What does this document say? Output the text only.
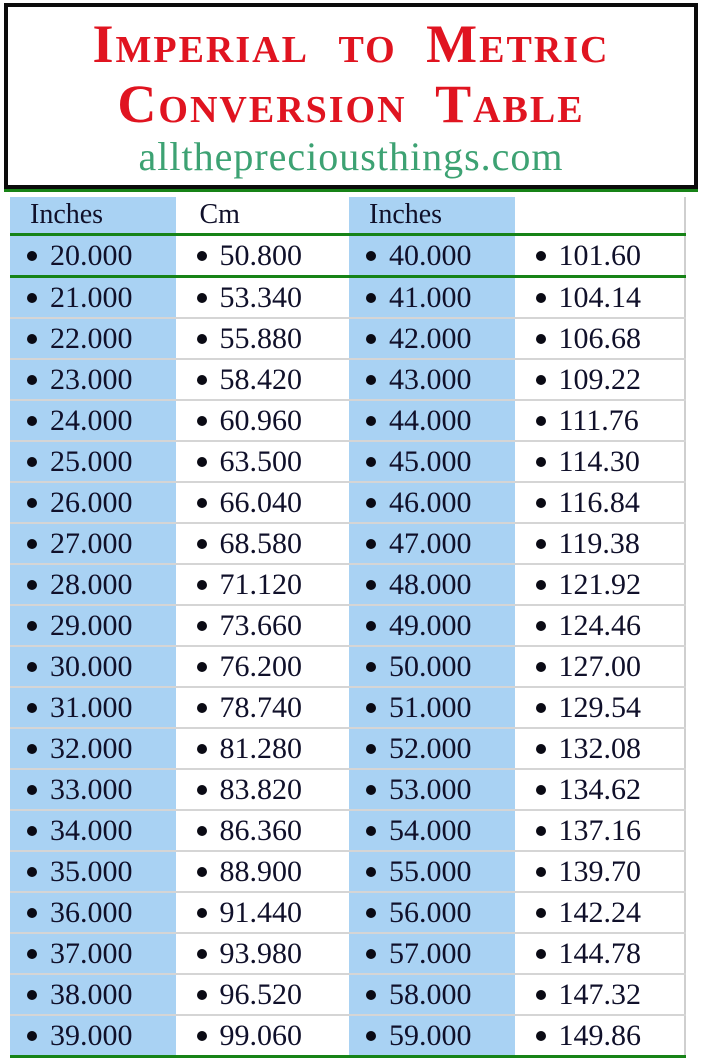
Imperial to Metric
Conversion Table
allthepreciousthings.com
Inches	Cm	Inches
20.000	50.800	40.000	101.60
21.000	53.340	41.000	104.14
22.000	55.880	42.000	106.68
23.000	58.420	43.000	109.22
24.000	60.960	44.000	111.76
25.000	63.500	45.000	114.30
26.000	66.040	46.000	116.84
27.000	68.580	47.000	119.38
28.000	71.120	48.000	121.92
29.000	73.660	49.000	124.46
30.000	76.200	50.000	127.00
31.000	78.740	51.000	129.54
32.000	81.280	52.000	132.08
33.000	83.820	53.000	134.62
34.000	86.360	54.000	137.16
35.000	88.900	55.000	139.70
36.000	91.440	56.000	142.24
37.000	93.980	57.000	144.78
38.000	96.520	58.000	147.32
39.000	99.060	59.000	149.86
